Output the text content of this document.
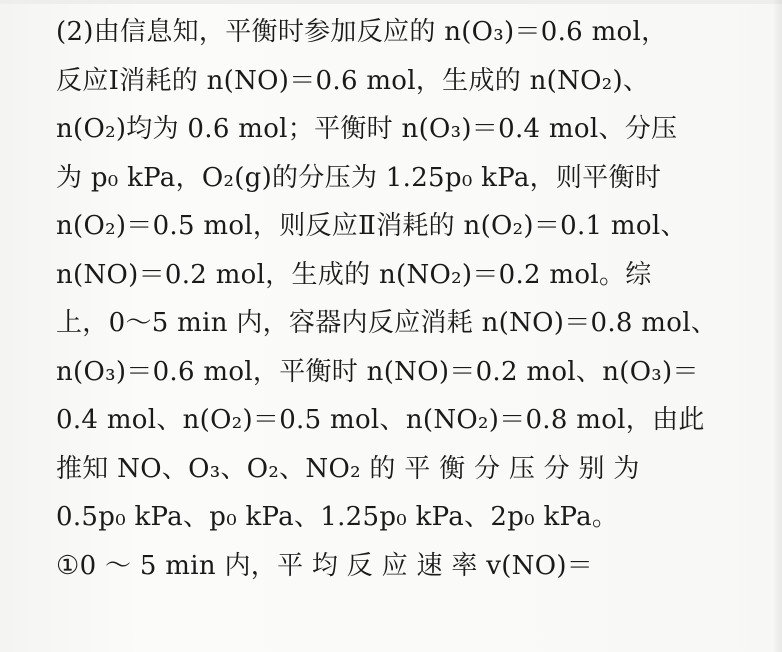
(2)由信息知，平衡时参加反应的 n(O₃)＝0.6 mol，
反应Ⅰ消耗的 n(NO)＝0.6 mol，生成的 n(NO₂)、
n(O₂)均为 0.6 mol；平衡时 n(O₃)＝0.4 mol、分压
为 p₀ kPa，O₂(g)的分压为 1.25p₀ kPa，则平衡时
n(O₂)＝0.5 mol，则反应Ⅱ消耗的 n(O₂)＝0.1 mol、
n(NO)＝0.2 mol，生成的 n(NO₂)＝0.2 mol。综
上，0～5 min 内，容器内反应消耗 n(NO)＝0.8 mol、
n(O₃)＝0.6 mol，平衡时 n(NO)＝0.2 mol、n(O₃)＝
0.4 mol、n(O₂)＝0.5 mol、n(NO₂)＝0.8 mol，由此
推知 NO、O₃、O₂、NO₂ 的 平 衡 分 压 分 别 为
0.5p₀ kPa、p₀ kPa、1.25p₀ kPa、2p₀ kPa。
①0 ～ 5 min 内，平 均 反 应 速 率 v(NO)＝
